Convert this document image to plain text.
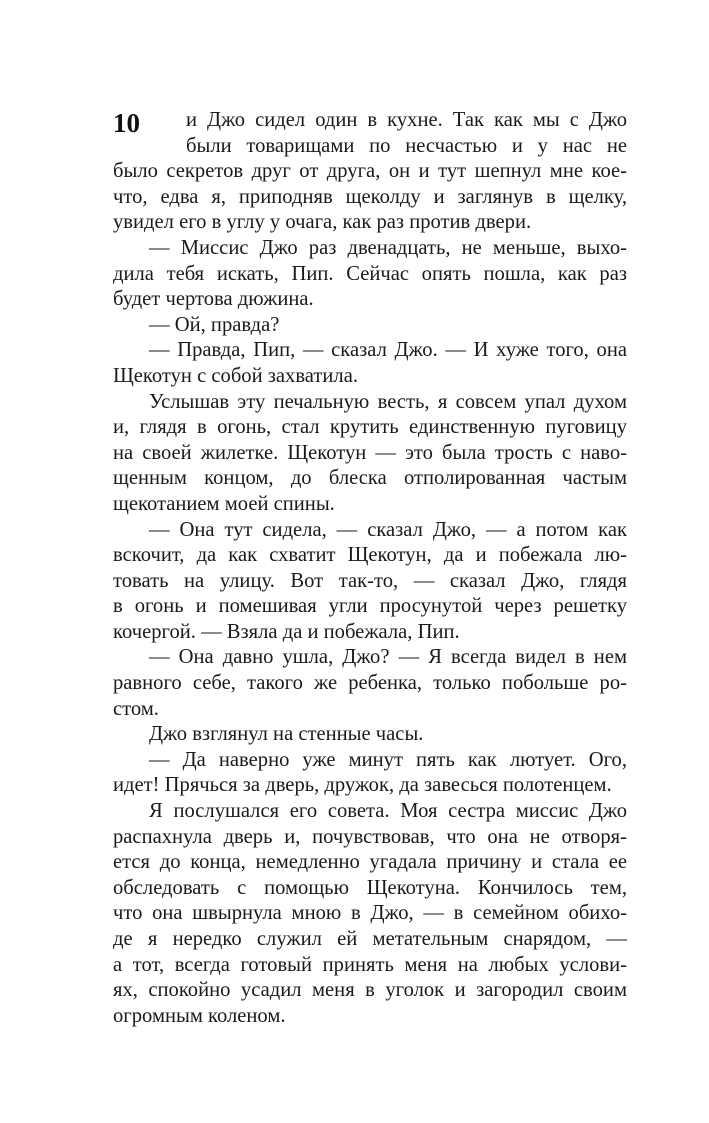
10	и Джо сидел один в кухне. Так как мы с Джо
были товарищами по несчастью и у нас не
было секретов друг от друга, он и тут шепнул мне кое-
что, едва я, приподняв щеколду и заглянув в щелку,
увидел его в углу у очага, как раз против двери.
— Миссис Джо раз двенадцать, не меньше, выхо-
дила тебя искать, Пип. Сейчас опять пошла, как раз
будет чертова дюжина.
— Ой, правда?
— Правда, Пип, — сказал Джо. — И хуже того, она
Щекотун с собой захватила.
Услышав эту печальную весть, я совсем упал духом
и, глядя в огонь, стал крутить единственную пуговицу
на своей жилетке. Щекотун — это была трость с наво-
щенным концом, до блеска отполированная частым
щекотанием моей спины.
— Она тут сидела, — сказал Джо, — а потом как
вскочит, да как схватит Щекотун, да и побежала лю-
товать на улицу. Вот так-то, — сказал Джо, глядя
в огонь и помешивая угли просунутой через решетку
кочергой. — Взяла да и побежала, Пип.
— Она давно ушла, Джо? — Я всегда видел в нем
равного себе, такого же ребенка, только побольше ро-
стом.
Джо взглянул на стенные часы.
— Да наверно уже минут пять как лютует. Ого,
идет! Прячься за дверь, дружок, да завесься полотенцем.
Я послушался его совета. Моя сестра миссис Джо
распахнула дверь и, почувствовав, что она не отворя-
ется до конца, немедленно угадала причину и стала ее
обследовать с помощью Щекотуна. Кончилось тем,
что она швырнула мною в Джо, — в семейном обихо-
де я нередко служил ей метательным снарядом, —
а тот, всегда готовый принять меня на любых услови-
ях, спокойно усадил меня в уголок и загородил своим
огромным коленом.
